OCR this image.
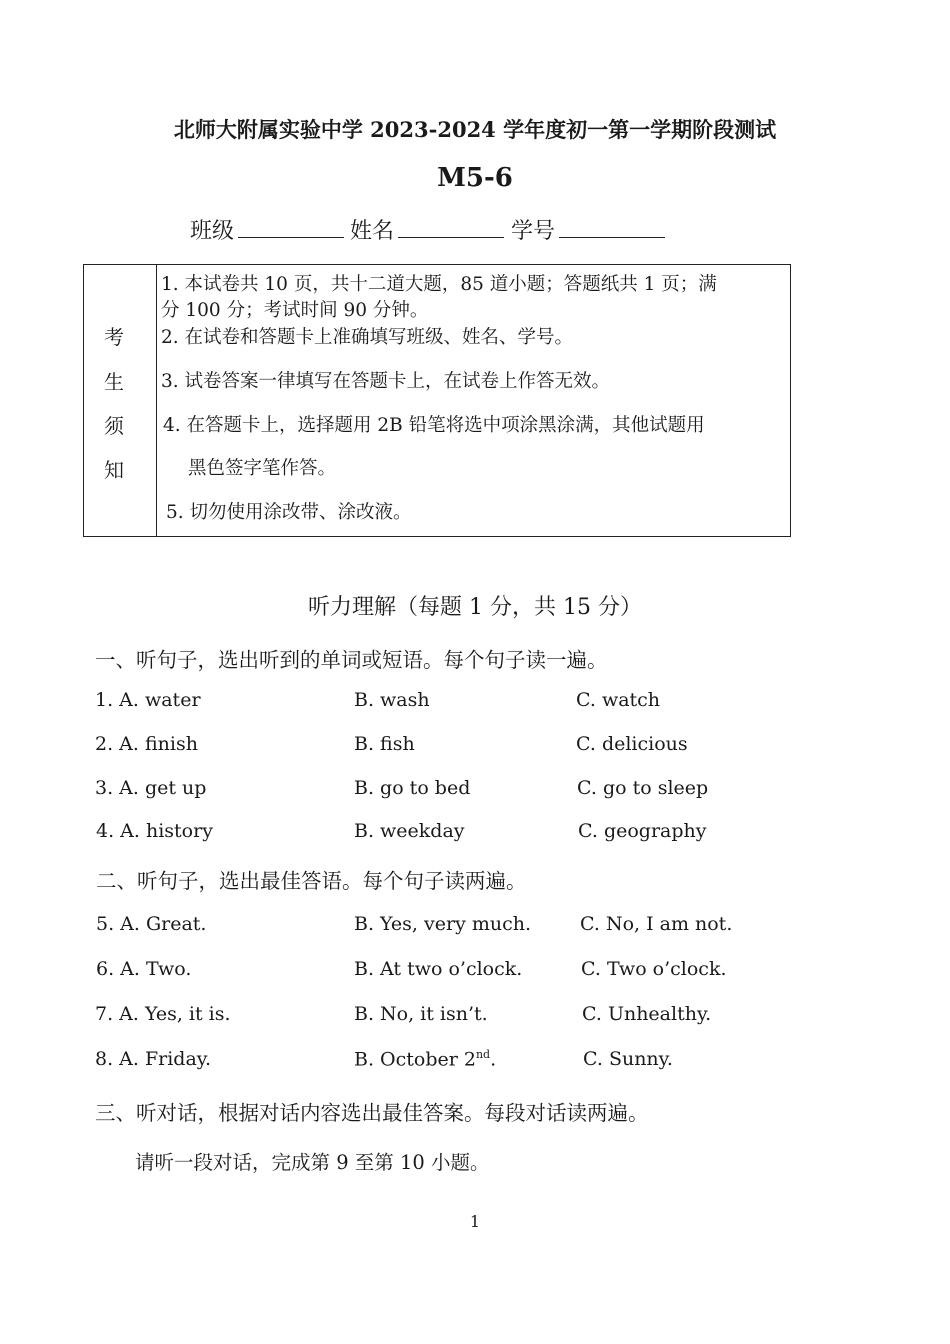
北师大附属实验中学 2023-2024 学年度初一第一学期阶段测试
M5-6
班级	姓名	学号
考
生
须
知
1. 本试卷共 10 页，共十二道大题，85 道小题；答题纸共 1 页；满
分 100 分；考试时间 90 分钟。
2. 在试卷和答题卡上准确填写班级、姓名、学号。
3. 试卷答案一律填写在答题卡上，在试卷上作答无效。
4. 在答题卡上，选择题用 2B 铅笔将选中项涂黑涂满，其他试题用
黑色签字笔作答。
5. 切勿使用涂改带、涂改液。
听力理解（每题 1 分，共 15 分）
一、听句子，选出听到的单词或短语。每个句子读一遍。
1. A. water	B. wash	C. watch
2. A. finish	B. fish	C. delicious
3. A. get up	B. go to bed	C. go to sleep
4. A. history	B. weekday	C. geography
二、听句子，选出最佳答语。每个句子读两遍。
5. A. Great.	B. Yes, very much.	C. No, I am not.
6. A. Two.	B. At two o’clock.	C. Two o’clock.
7. A. Yes, it is.	B. No, it isn’t.	C. Unhealthy.
8. A. Friday.	B. October 2nd.	C. Sunny.
三、听对话，根据对话内容选出最佳答案。每段对话读两遍。
请听一段对话，完成第 9 至第 10 小题。
1
